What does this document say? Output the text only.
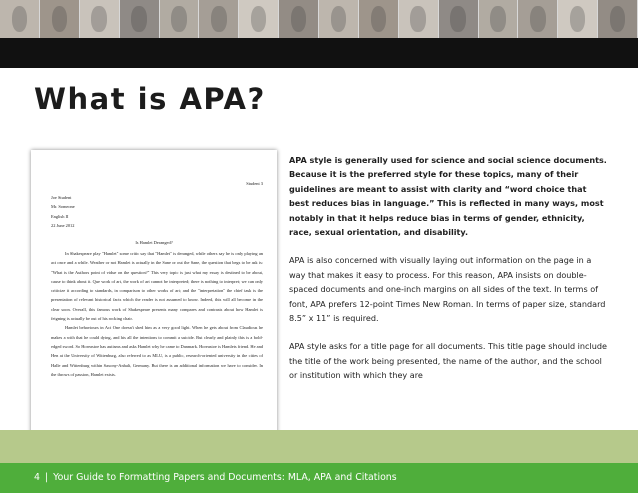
What is APA?
Student 3
Joe Student
Mr. Someone
English II
22 June 2012
Is Hamlet Deranged?

In Shakespeare play "Hamlet" some critic say that "Hamlet" is deranged, while others say he is only playing an act once and a while. Weather or not Hamlet is actually in the Sane or out the Sane, the question that begs to be ask is: "What is the Authors point of vidue on the question?" This very topic is just what my essay is destined to be about, cause to think about it. Que work of art, the work of art cannot be interpreted; there is nothing to interpret; we can only criticize it according to standards, in comparison to other works of art; and the "interpretation" the chief task is the presentation of relevant historical facts which the reader is not assumed to know. Indeed, this will all become in the clear soon. Overall, this famous work of Shakespeare presents many compares and contrasts about how Hamlet is feigning is actually be out of his rocking chair.

Hamlet behaviours in Act One doesn't shed him as a very good light. When he gets about from Claudious he makes a with that he could dying, and his all the intentions to commit a suicide. But clearly and plainly this is a bold-edged sword. So Horeastoe has autisms and asks Hamlet why he came to Danmark. Horeastoe is Hamlets friend. He and Hen at the University of Wittenburg, also referred to as MLU, is a public, research-oriented university in the cities of Halle and Wittenburg within Saxony-Anhalt, Germany. But there is an additional information we have to consider. In the throws of passion, Hamlet exists.

APA style is generally used for science and social science documents. Because it is the preferred style for these topics, many of their guidelines are meant to assist with clarity and “word choice that best reduces bias in language.” This is reflected in many ways, most notably in that it helps reduce bias in terms of gender, ethnicity, race, sexual orientation, and disability.

APA is also concerned with visually laying out information on the page in a way that makes it easy to process. For this reason, APA insists on double-spaced documents and one-inch margins on all sides of the text. In terms of font, APA prefers 12-point Times New Roman. In terms of paper size, standard 8.5” x 11” is required.

APA style asks for a title page for all documents. This title page should include the title of the work being presented, the name of the author, and the school or institution with which they are

4 | Your Guide to Formatting Papers and Documents: MLA, APA and Citations
